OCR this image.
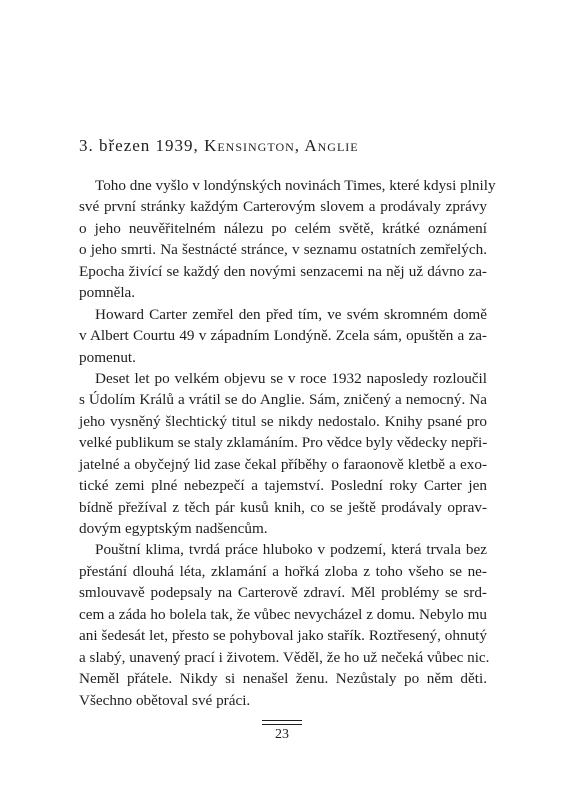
3. březen 1939, Kensington, Anglie
Toho dne vyšlo v londýnských novinách Times, které kdysi plnily
své první stránky každým Carterovým slovem a prodávaly zprávy
o jeho neuvěřitelném nálezu po celém světě, krátké oznámení
o jeho smrti. Na šestnácté stránce, v seznamu ostatních zemřelých.
Epocha živící se každý den novými senzacemi na něj už dávno za-
pomněla.
Howard Carter zemřel den před tím, ve svém skromném domě
v Albert Courtu 49 v západním Londýně. Zcela sám, opuštěn a za-
pomenut.
Deset let po velkém objevu se v roce 1932 naposledy rozloučil
s Údolím Králů a vrátil se do Anglie. Sám, zničený a nemocný. Na
jeho vysněný šlechtický titul se nikdy nedostalo. Knihy psané pro
velké publikum se staly zklamáním. Pro vědce byly vědecky nepři-
jatelné a obyčejný lid zase čekal příběhy o faraonově kletbě a exo-
tické zemi plné nebezpečí a tajemství. Poslední roky Carter jen
bídně přežíval z těch pár kusů knih, co se ještě prodávaly oprav-
dovým egyptským nadšencům.
Pouštní klima, tvrdá práce hluboko v podzemí, která trvala bez
přestání dlouhá léta, zklamání a hořká zloba z toho všeho se ne-
smlouvavě podepsaly na Carterově zdraví. Měl problémy se srd-
cem a záda ho bolela tak, že vůbec nevycházel z domu. Nebylo mu
ani šedesát let, přesto se pohyboval jako stařík. Roztřesený, ohnutý
a slabý, unavený prací i životem. Věděl, že ho už nečeká vůbec nic.
Neměl přátele. Nikdy si nenašel ženu. Nezůstaly po něm děti.
Všechno obětoval své práci.
23
